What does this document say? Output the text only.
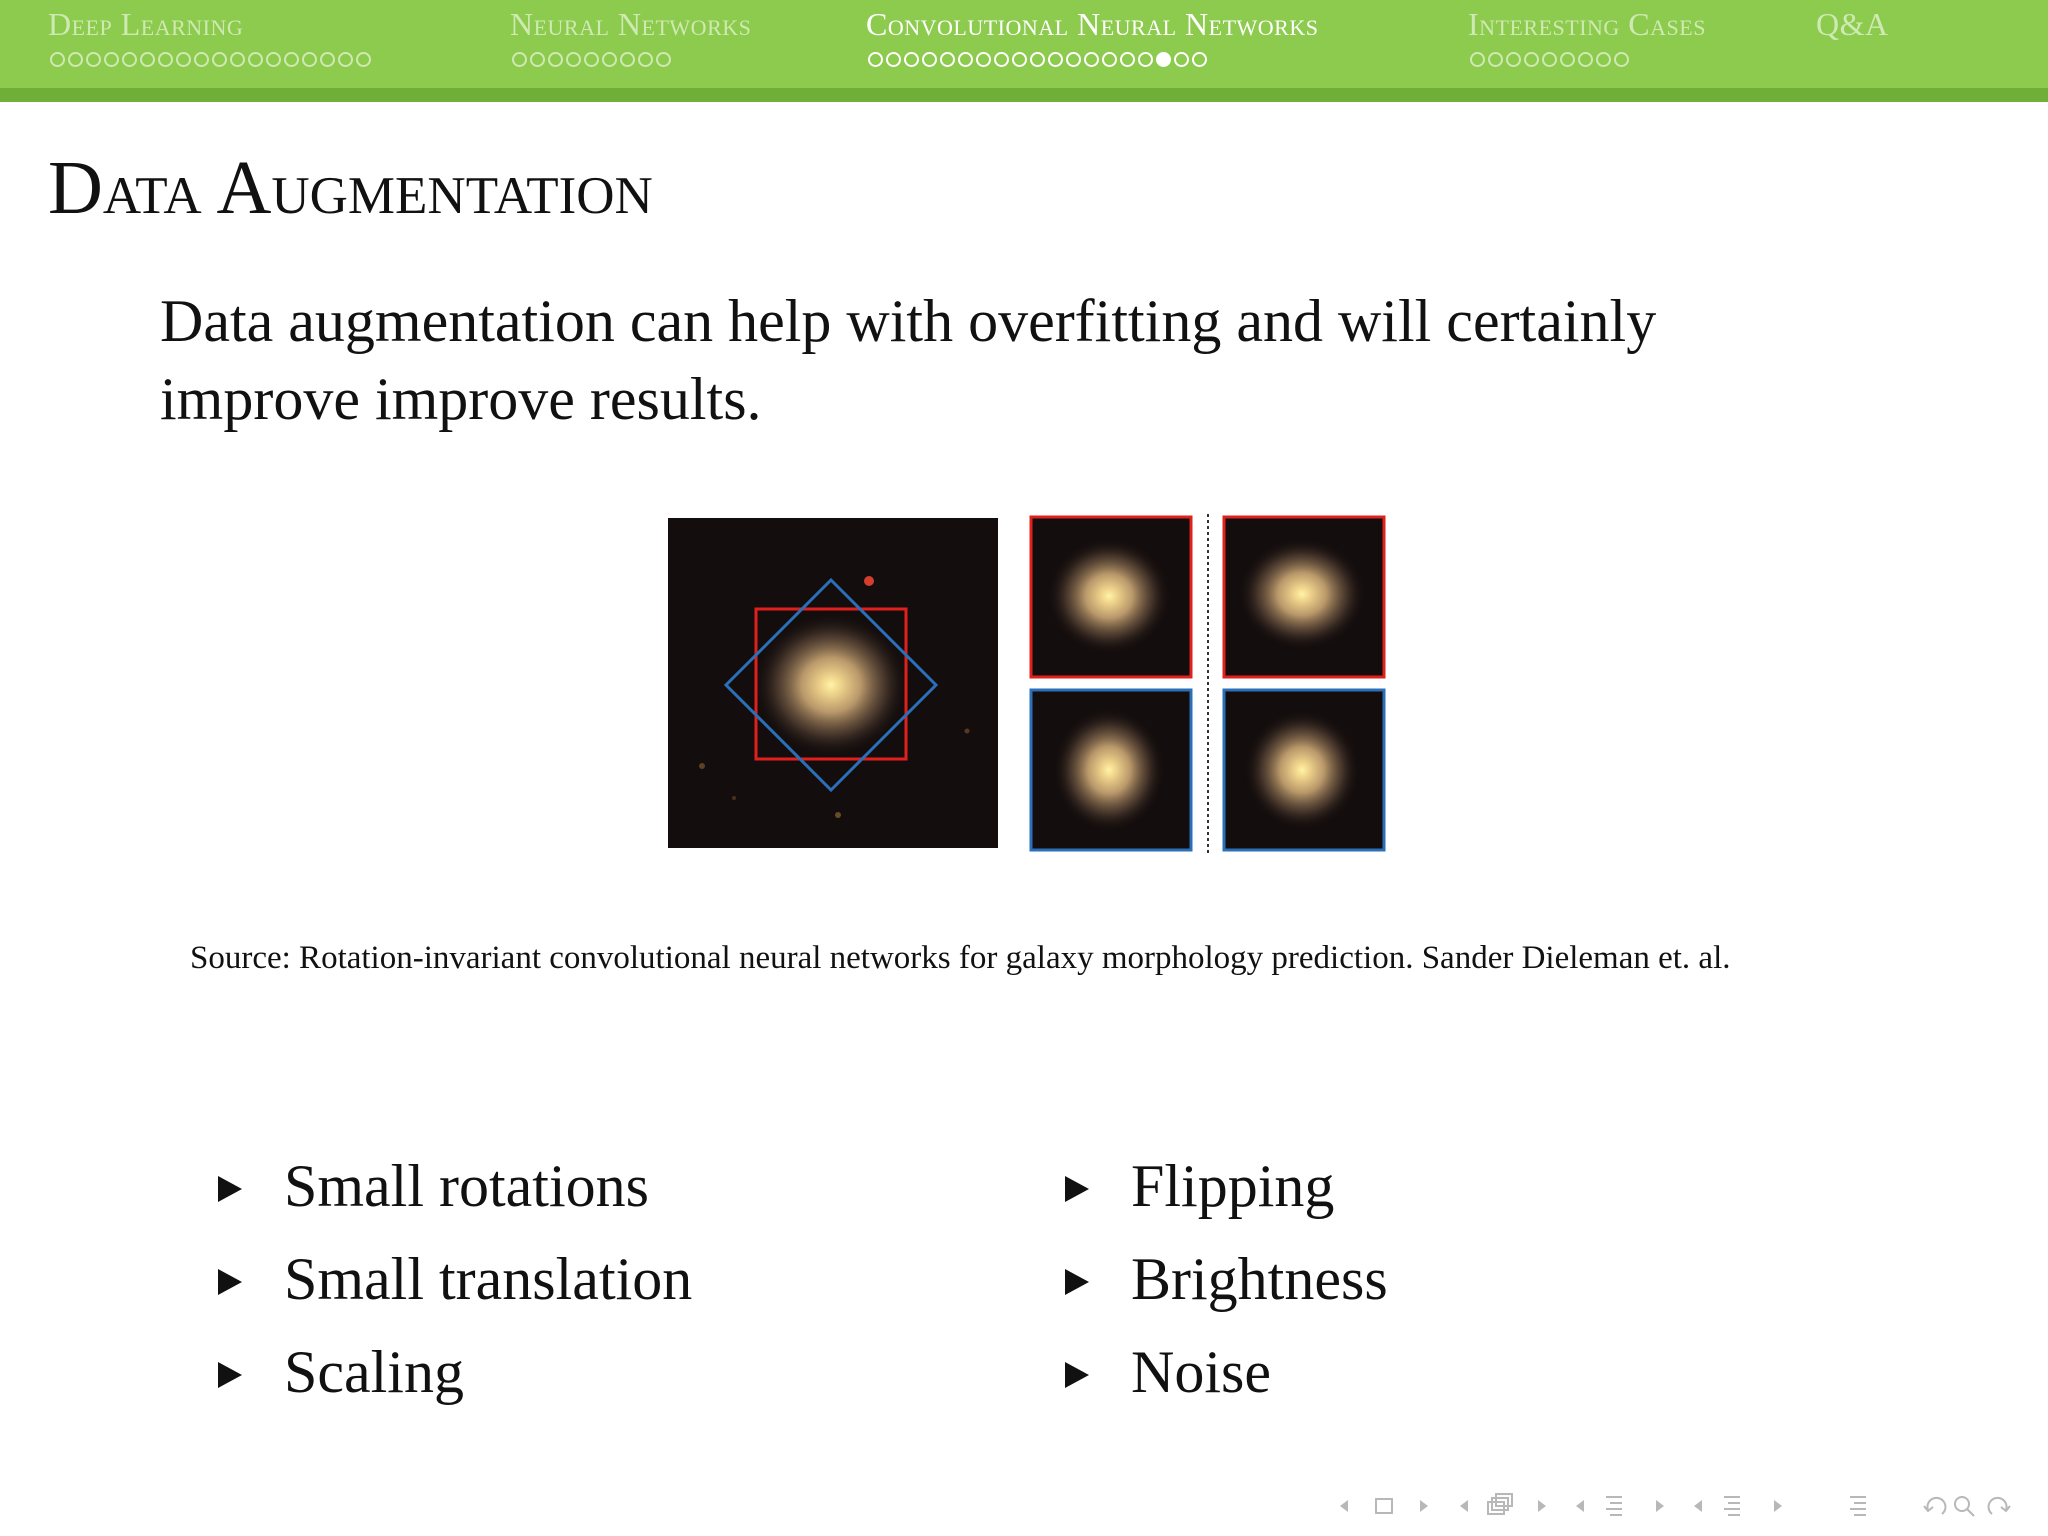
Deep Learning	Neural Networks	Convolutional Neural Networks	Interesting Cases	Q&A
Data Augmentation
Data augmentation can help with overfitting and will certainly improve improve results.
Source: Rotation-invariant convolutional neural networks for galaxy morphology prediction. Sander Dieleman et. al.
Small rotations
Small translation
Scaling
Flipping
Brightness
Noise
